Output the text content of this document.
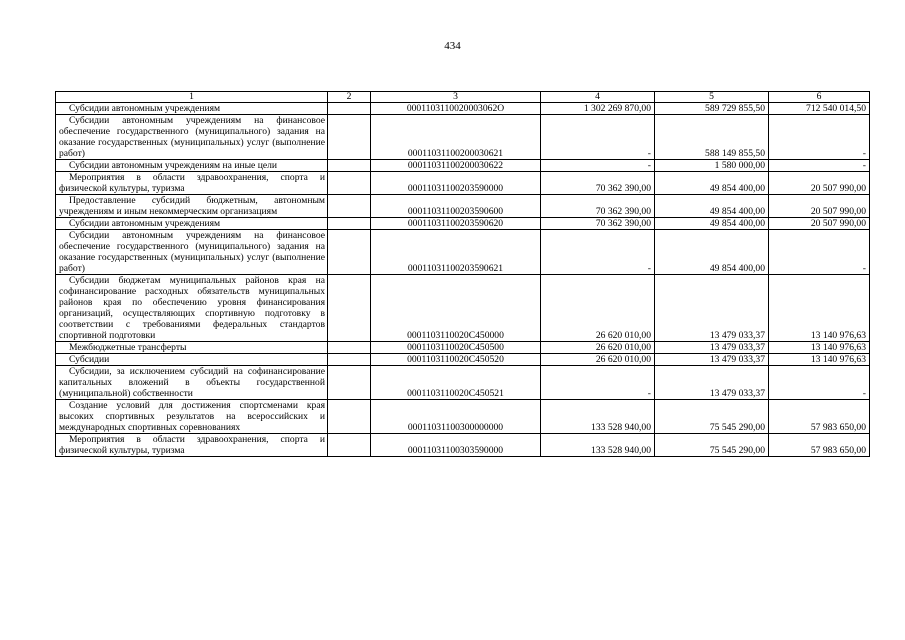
434
1	2	3	4	5	6
Субсидии автономным учреждениям		0001103110020003062О	1 302 269 870,00	589 729 855,50	712 540 014,50
Субсидии автономным учреждениям на финансовое обеспечение государственного (муниципального) задания на оказание государственных (муниципальных) услуг (выполнение работ)		00011031100200030621	-	588 149 855,50	-
Субсидии автономным учреждениям на иные цели		00011031100200030622	-	1 580 000,00	-
Мероприятия в области здравоохранения, спорта и физической культуры, туризма		00011031100203590000	70 362 390,00	49 854 400,00	20 507 990,00
Предоставление субсидий бюджетным, автономным учреждениям и иным некоммерческим организациям		00011031100203590600	70 362 390,00	49 854 400,00	20 507 990,00
Субсидии автономным учреждениям		00011031100203590620	70 362 390,00	49 854 400,00	20 507 990,00
Субсидии автономным учреждениям на финансовое обеспечение государственного (муниципального) задания на оказание государственных (муниципальных) услуг (выполнение работ)		00011031100203590621	-	49 854 400,00	-
Субсидии бюджетам муниципальных районов края на софинансирование расходных обязательств муниципальных районов края по обеспечению уровня финансирования организаций, осуществляющих спортивную подготовку в соответствии с требованиями федеральных стандартов спортивной подготовки		0001103110020C450000	26 620 010,00	13 479 033,37	13 140 976,63
Межбюджетные трансферты		0001103110020C450500	26 620 010,00	13 479 033,37	13 140 976,63
Субсидии		0001103110020C450520	26 620 010,00	13 479 033,37	13 140 976,63
Субсидии, за исключением субсидий на софинансирование капитальных вложений в объекты государственной (муниципальной) собственности		0001103110020C450521	-	13 479 033,37	-
Создание условий для достижения спортсменами края высоких спортивных результатов на всероссийских и международных спортивных соревнованиях		00011031100300000000	133 528 940,00	75 545 290,00	57 983 650,00
Мероприятия в области здравоохранения, спорта и физической культуры, туризма		00011031100303590000	133 528 940,00	75 545 290,00	57 983 650,00
